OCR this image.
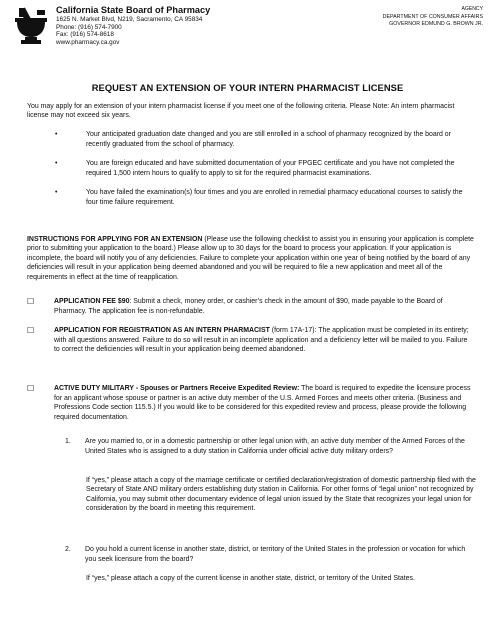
California State Board of Pharmacy
1625 N. Market Blvd, N219, Sacramento, CA 95834
Phone: (916) 574-7900
Fax: (916) 574-8618
www.pharmacy.ca.gov
AGENCY
DEPARTMENT OF CONSUMER AFFAIRS
GOVERNOR EDMUND G. BROWN JR.
REQUEST AN EXTENSION OF YOUR INTERN PHARMACIST LICENSE
You may apply for an extension of your intern pharmacist license if you meet one of the following criteria. Please Note: An intern pharmacist license may not exceed six years.
•	Your anticipated graduation date changed and you are still enrolled in a school of pharmacy recognized by the board or recently graduated from the school of pharmacy.
•	You are foreign educated and have submitted documentation of your FPGEC certificate and you have not completed the required 1,500 intern hours to qualify to apply to sit for the required pharmacist examinations.
•	You have failed the examination(s) four times and you are enrolled in remedial pharmacy educational courses to satisfy the four time failure requirement.
INSTRUCTIONS FOR APPLYING FOR AN EXTENSION (Please use the following checklist to assist you in ensuring your application is complete prior to submitting your application to the board.) Please allow up to 30 days for the board to process your application. If your application is incomplete, the board will notify you of any deficiencies. Failure to complete your application within one year of being notified by the board of any deficiencies will result in your application being deemed abandoned and you will be required to file a new application and meet all of the requirements in effect at the time of reapplication.
☐	APPLICATION FEE $90: Submit a check, money order, or cashier’s check in the amount of $90, made payable to the Board of Pharmacy. The application fee is non-refundable.
☐	APPLICATION FOR REGISTRATION AS AN INTERN PHARMACIST (form 17A-17): The application must be completed in its entirety; with all questions answered. Failure to do so will result in an incomplete application and a deficiency letter will be mailed to you. Failure to correct the deficiencies will result in your application being deemed abandoned.
☐	ACTIVE DUTY MILITARY - Spouses or Partners Receive Expedited Review: The board is required to expedite the licensure process for an applicant whose spouse or partner is an active duty member of the U.S. Armed Forces and meets other criteria. (Business and Professions Code section 115.5.) If you would like to be considered for this expedited review and process, please provide the following required documentation.
1. Are you married to, or in a domestic partnership or other legal union with, an active duty member of the Armed Forces of the United States who is assigned to a duty station in California under official active duty military orders?
If “yes,” please attach a copy of the marriage certificate or certified declaration/registration of domestic partnership filed with the Secretary of State AND military orders establishing duty station in California. For other forms of “legal union” not recognized by California, you may submit other documentary evidence of legal union issued by the State that recognizes your legal union for consideration by the board in meeting this requirement.
2. Do you hold a current license in another state, district, or territory of the United States in the profession or vocation for which you seek licensure from the board?
If “yes,” please attach a copy of the current license in another state, district, or territory of the United States.
